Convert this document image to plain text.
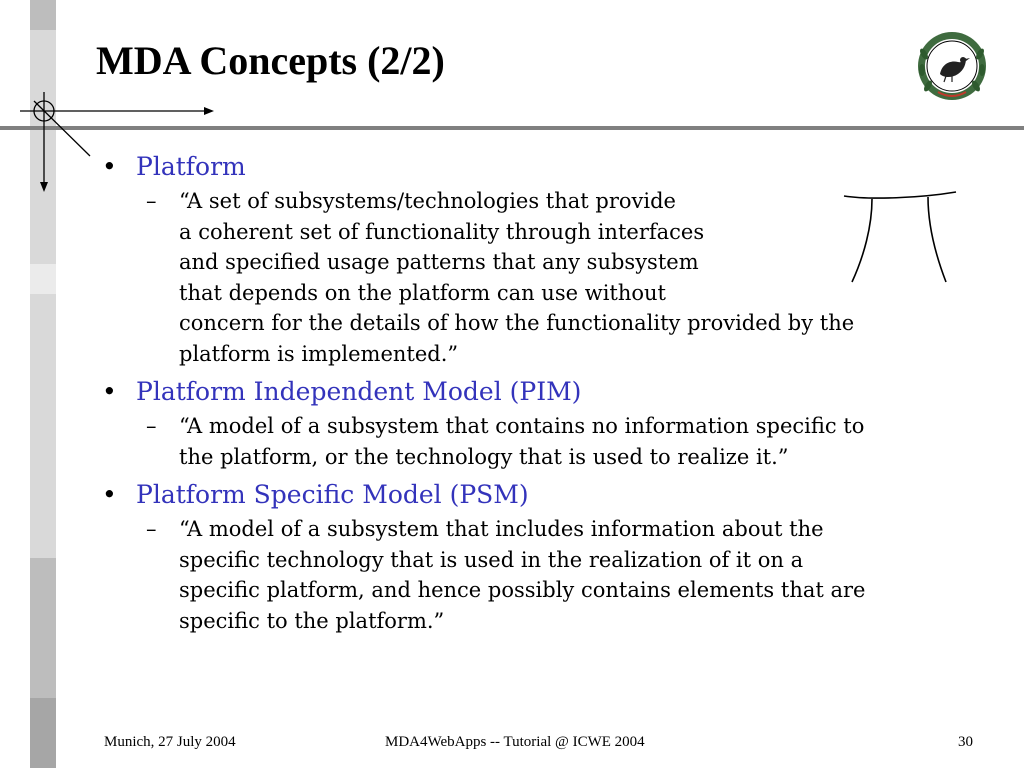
MDA Concepts (2/2)

• Platform

– “A set of subsystems/technologies that provide
a coherent set of functionality through interfaces
and specified usage patterns that any subsystem
that depends on the platform can use without
concern for the details of how the functionality provided by the
platform is implemented.”

• Platform Independent Model (PIM)

– “A model of a subsystem that contains no information specific to
the platform, or the technology that is used to realize it.”

• Platform Specific Model (PSM)

– “A model of a subsystem that includes information about the
specific technology that is used in the realization of it on a
specific platform, and hence possibly contains elements that are
specific to the platform.”
Munich, 27 July 2004	MDA4WebApps -- Tutorial @ ICWE 2004	30
